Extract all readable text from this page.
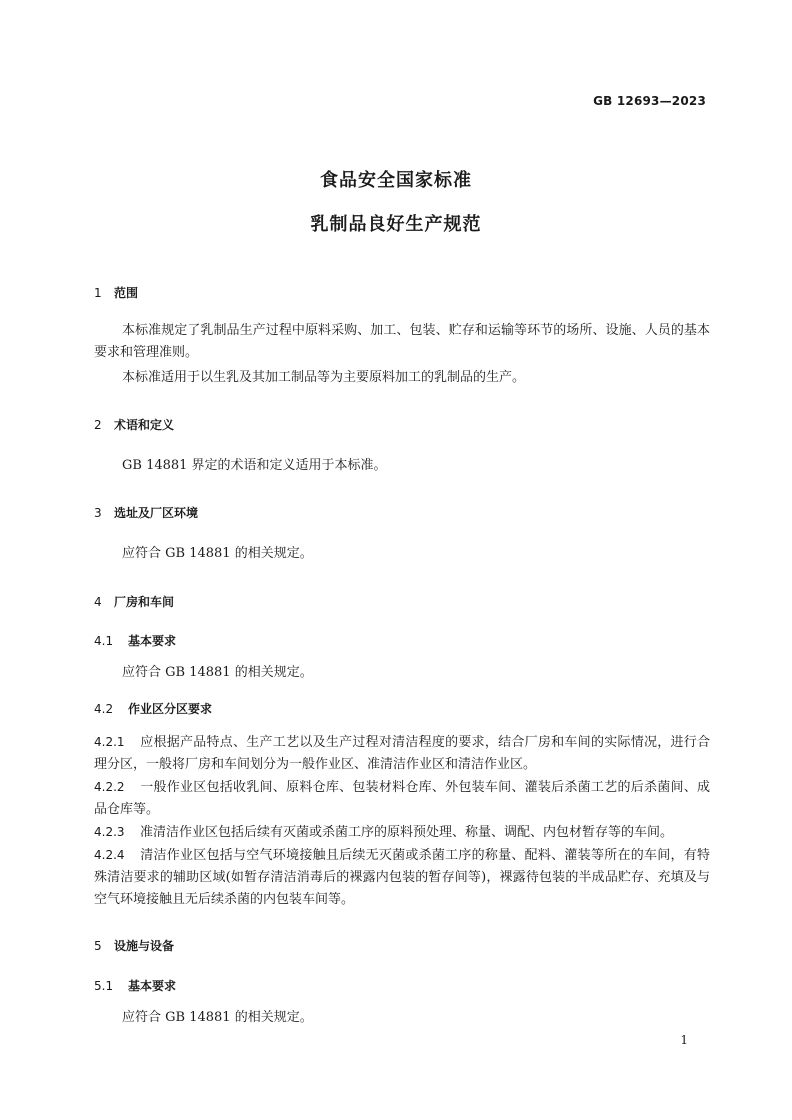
GB 12693—2023
食品安全国家标准
乳制品良好生产规范
1 范围
本标准规定了乳制品生产过程中原料采购、加工、包装、贮存和运输等环节的场所、设施、人员的基本要求和管理准则。
本标准适用于以生乳及其加工制品等为主要原料加工的乳制品的生产。
2 术语和定义
GB 14881 界定的术语和定义适用于本标准。
3 选址及厂区环境
应符合 GB 14881 的相关规定。
4 厂房和车间
4.1 基本要求
应符合 GB 14881 的相关规定。
4.2 作业区分区要求
4.2.1 应根据产品特点、生产工艺以及生产过程对清洁程度的要求，结合厂房和车间的实际情况，进行合理分区，一般将厂房和车间划分为一般作业区、准清洁作业区和清洁作业区。
4.2.2 一般作业区包括收乳间、原料仓库、包装材料仓库、外包装车间、灌装后杀菌工艺的后杀菌间、成品仓库等。
4.2.3 准清洁作业区包括后续有灭菌或杀菌工序的原料预处理、称量、调配、内包材暂存等的车间。
4.2.4 清洁作业区包括与空气环境接触且后续无灭菌或杀菌工序的称量、配料、灌装等所在的车间，有特殊清洁要求的辅助区域(如暂存清洁消毒后的裸露内包装的暂存间等)，裸露待包装的半成品贮存、充填及与空气环境接触且无后续杀菌的内包装车间等。
5 设施与设备
5.1 基本要求
应符合 GB 14881 的相关规定。
1
